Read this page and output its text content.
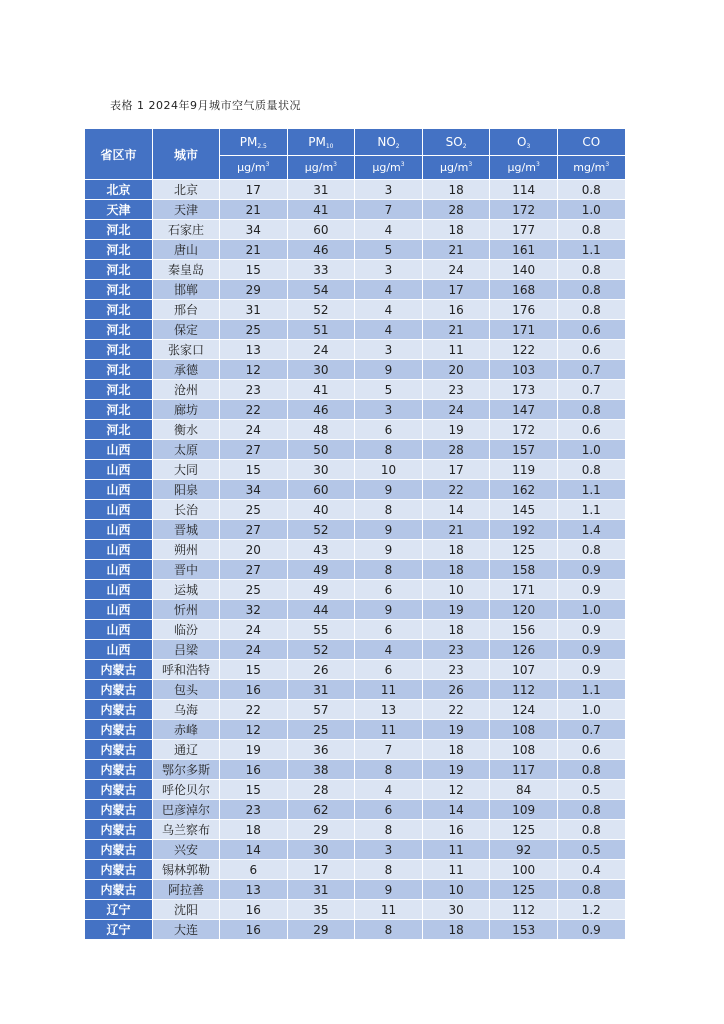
表格 1 2024年9月城市空气质量状况
省区市	城市	$PM_{2.5}$	$PM_{10}$	$NO_2$	$SO_2$	$O_3$	CO
		$\mu g/m^3$	$\mu g/m^3$	$\mu g/m^3$	$\mu g/m^3$	$\mu g/m^3$	$mg/m^3$
北京	北京	17	31	3	18	114	0.8
天津	天津	21	41	7	28	172	1.0
河北	石家庄	34	60	4	18	177	0.8
河北	唐山	21	46	5	21	161	1.1
河北	秦皇岛	15	33	3	24	140	0.8
河北	邯郸	29	54	4	17	168	0.8
河北	邢台	31	52	4	16	176	0.8
河北	保定	25	51	4	21	171	0.6
河北	张家口	13	24	3	11	122	0.6
河北	承德	12	30	9	20	103	0.7
河北	沧州	23	41	5	23	173	0.7
河北	廊坊	22	46	3	24	147	0.8
河北	衡水	24	48	6	19	172	0.6
山西	太原	27	50	8	28	157	1.0
山西	大同	15	30	10	17	119	0.8
山西	阳泉	34	60	9	22	162	1.1
山西	长治	25	40	8	14	145	1.1
山西	晋城	27	52	9	21	192	1.4
山西	朔州	20	43	9	18	125	0.8
山西	晋中	27	49	8	18	158	0.9
山西	运城	25	49	6	10	171	0.9
山西	忻州	32	44	9	19	120	1.0
山西	临汾	24	55	6	18	156	0.9
山西	吕梁	24	52	4	23	126	0.9
内蒙古	呼和浩特	15	26	6	23	107	0.9
内蒙古	包头	16	31	11	26	112	1.1
内蒙古	乌海	22	57	13	22	124	1.0
内蒙古	赤峰	12	25	11	19	108	0.7
内蒙古	通辽	19	36	7	18	108	0.6
内蒙古	鄂尔多斯	16	38	8	19	117	0.8
内蒙古	呼伦贝尔	15	28	4	12	84	0.5
内蒙古	巴彦淖尔	23	62	6	14	109	0.8
内蒙古	乌兰察布	18	29	8	16	125	0.8
内蒙古	兴安	14	30	3	11	92	0.5
内蒙古	锡林郭勒	6	17	8	11	100	0.4
内蒙古	阿拉善	13	31	9	10	125	0.8
辽宁	沈阳	16	35	11	30	112	1.2
辽宁	大连	16	29	8	18	153	0.9
